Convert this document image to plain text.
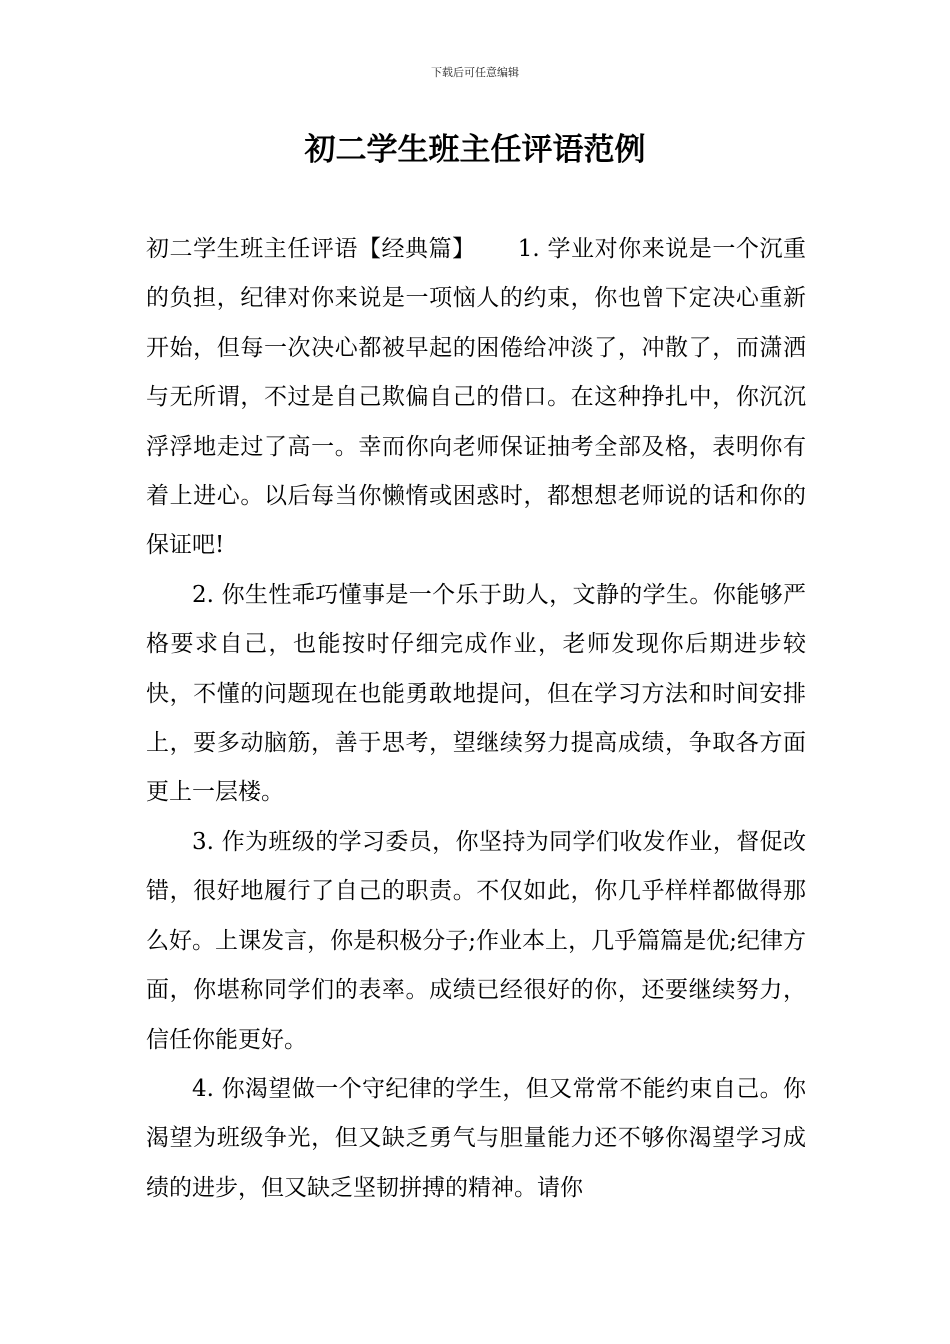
下载后可任意编辑
初二学生班主任评语范例

初二学生班主任评语【经典篇】 1. 学业对你来说是一个沉重的负担，纪律对你来说是一项恼人的约束，你也曾下定决心重新开始，但每一次决心都被早起的困倦给冲淡了，冲散了，而潇洒与无所谓，不过是自己欺偏自己的借口。在这种挣扎中，你沉沉浮浮地走过了高一。幸而你向老师保证抽考全部及格，表明你有着上进心。以后每当你懒惰或困惑时，都想想老师说的话和你的保证吧!

2. 你生性乖巧懂事是一个乐于助人，文静的学生。你能够严格要求自己，也能按时仔细完成作业，老师发现你后期进步较快，不懂的问题现在也能勇敢地提问，但在学习方法和时间安排上，要多动脑筋，善于思考，望继续努力提高成绩，争取各方面更上一层楼。

3. 作为班级的学习委员，你坚持为同学们收发作业，督促改错，很好地履行了自己的职责。不仅如此，你几乎样样都做得那么好。上课发言，你是积极分子;作业本上，几乎篇篇是优;纪律方面，你堪称同学们的表率。成绩已经很好的你，还要继续努力，信任你能更好。

4. 你渴望做一个守纪律的学生，但又常常不能约束自己。你渴望为班级争光，但又缺乏勇气与胆量能力还不够你渴望学习成绩的进步，但又缺乏坚韧拼搏的精神。请你
